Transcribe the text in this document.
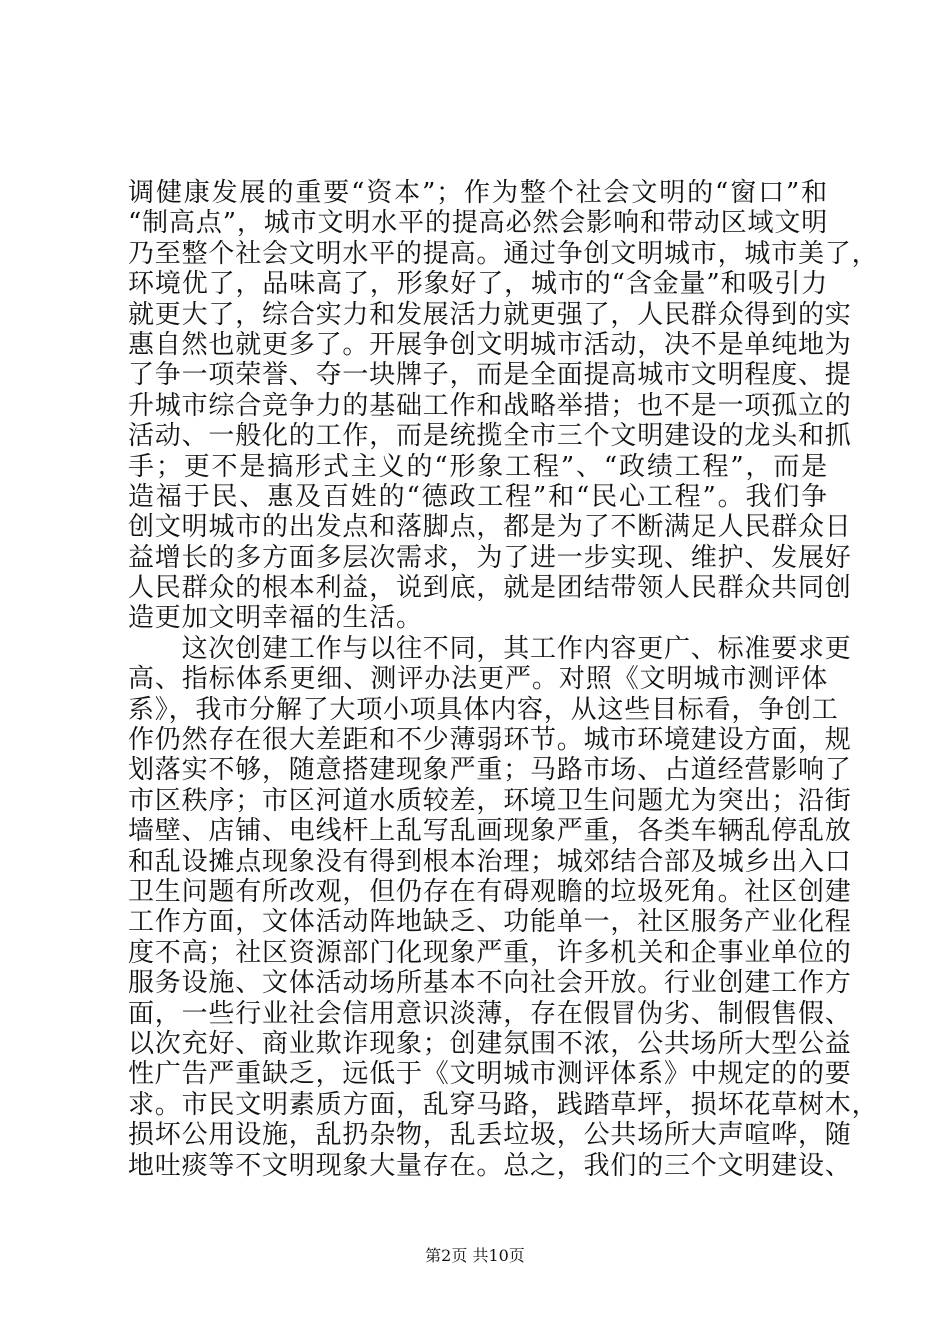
调健康发展的重要“资本”；作为整个社会文明的“窗口”和
“制高点”，城市文明水平的提高必然会影响和带动区域文明
乃至整个社会文明水平的提高。通过争创文明城市，城市美了，
环境优了，品味高了，形象好了，城市的“含金量”和吸引力
就更大了，综合实力和发展活力就更强了，人民群众得到的实
惠自然也就更多了。开展争创文明城市活动，决不是单纯地为
了争一项荣誉、夺一块牌子，而是全面提高城市文明程度、提
升城市综合竞争力的基础工作和战略举措；也不是一项孤立的
活动、一般化的工作，而是统揽全市三个文明建设的龙头和抓
手；更不是搞形式主义的“形象工程”、“政绩工程”，而是
造福于民、惠及百姓的“德政工程”和“民心工程”。我们争
创文明城市的出发点和落脚点，都是为了不断满足人民群众日
益增长的多方面多层次需求，为了进一步实现、维护、发展好
人民群众的根本利益，说到底，就是团结带领人民群众共同创
造更加文明幸福的生活。
　　这次创建工作与以往不同，其工作内容更广、标准要求更
高、指标体系更细、测评办法更严。对照《文明城市测评体
系》，我市分解了大项小项具体内容，从这些目标看，争创工
作仍然存在很大差距和不少薄弱环节。城市环境建设方面，规
划落实不够，随意搭建现象严重；马路市场、占道经营影响了
市区秩序；市区河道水质较差，环境卫生问题尤为突出；沿街
墙壁、店铺、电线杆上乱写乱画现象严重，各类车辆乱停乱放
和乱设摊点现象没有得到根本治理；城郊结合部及城乡出入口
卫生问题有所改观，但仍存在有碍观瞻的垃圾死角。社区创建
工作方面，文体活动阵地缺乏、功能单一，社区服务产业化程
度不高；社区资源部门化现象严重，许多机关和企事业单位的
服务设施、文体活动场所基本不向社会开放。行业创建工作方
面，一些行业社会信用意识淡薄，存在假冒伪劣、制假售假、
以次充好、商业欺诈现象；创建氛围不浓，公共场所大型公益
性广告严重缺乏，远低于《文明城市测评体系》中规定的的要
求。市民文明素质方面，乱穿马路，践踏草坪，损坏花草树木，
损坏公用设施，乱扔杂物，乱丢垃圾，公共场所大声喧哗，随
地吐痰等不文明现象大量存在。总之，我们的三个文明建设、
第2页 共10页
